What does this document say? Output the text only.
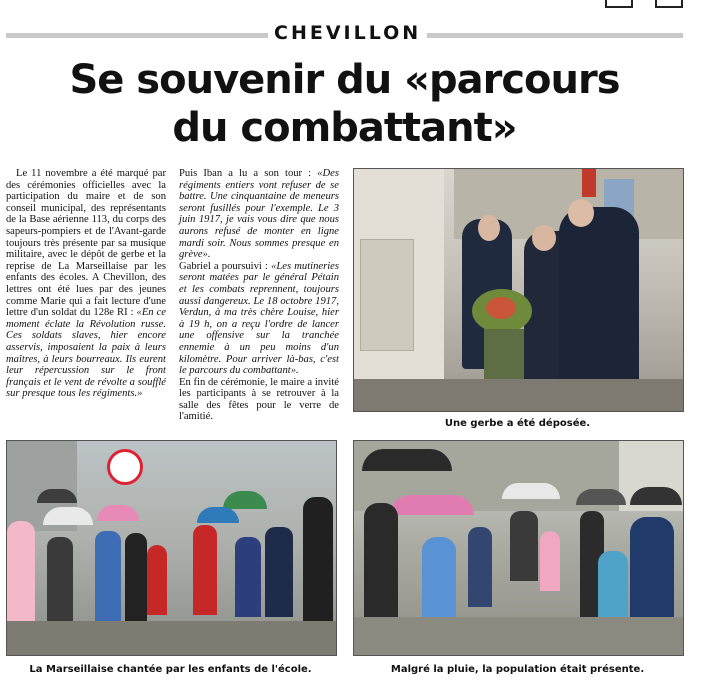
CHEVILLON
Se souvenir du «parcours
du combattant»

Le 11 novembre a été marqué par des cérémonies officielles avec la participation du maire et de son conseil municipal, des représentants de la Base aérienne 113, du corps des sapeurs-pompiers et de l'Avant-garde toujours très présente par sa musique militaire, avec le dépôt de gerbe et la reprise de La Marseillaise par les enfants des écoles. A Chevillon, des lettres ont été lues par des jeunes comme Marie qui a fait lecture d'une lettre d'un soldat du 128e RI : «En ce moment éclate la Révolution russe. Ces soldats slaves, hier encore asservis, imposaient la paix à leurs maîtres, à leurs bourreaux. Ils eurent leur répercussion sur le front français et le vent de révolte a soufflé sur presque tous les régiments.»

Puis Iban a lu a son tour : «Des régiments entiers vont refuser de se battre. Une cinquantaine de meneurs seront fusillés pour l'exemple. Le 3 juin 1917, je vais vous dire que nous aurons refusé de monter en ligne mardi soir. Nous sommes presque en grève».
Gabriel a poursuivi : «Les mutineries seront matées par le général Pétain et les combats reprennent, toujours aussi dangereux. Le 18 octobre 1917, Verdun, à ma très chère Louise, hier à 19 h, on a reçu l'ordre de lancer une offensive sur la tranchée ennemie à un peu moins d'un kilomètre. Pour arriver là-bas, c'est le parcours du combattant».
En fin de cérémonie, le maire a invité les participants à se retrouver à la salle des fêtes pour le verre de l'amitié.

Une gerbe a été déposée.
La Marseillaise chantée par les enfants de l'école.	Malgré la pluie, la population était présente.
